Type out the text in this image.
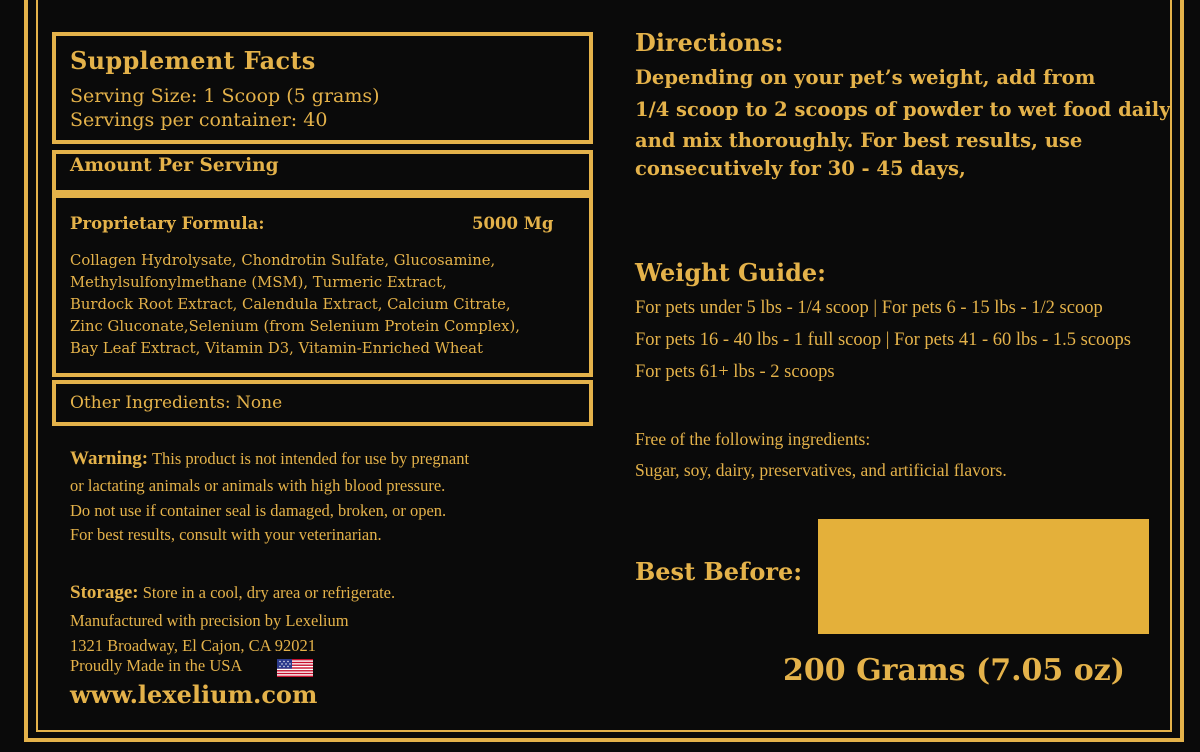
Supplement Facts
Serving Size: 1 Scoop (5 grams)
Servings per container: 40
Amount Per Serving
Proprietary Formula:	5000 Mg
Collagen Hydrolysate, Chondrotin Sulfate, Glucosamine,
Methylsulfonylmethane (MSM), Turmeric Extract,
Burdock Root Extract, Calendula Extract, Calcium Citrate,
Zinc Gluconate,Selenium (from Selenium Protein Complex),
Bay Leaf Extract, Vitamin D3, Vitamin-Enriched Wheat
Other Ingredients: None
Warning: This product is not intended for use by pregnant
or lactating animals or animals with high blood pressure.
Do not use if container seal is damaged, broken, or open.
For best results, consult with your veterinarian.
Storage: Store in a cool, dry area or refrigerate.
Manufactured with precision by Lexelium
1321 Broadway, El Cajon, CA 92021
Proudly Made in the USA
www.lexelium.com
Directions:
Depending on your pet’s weight, add from
1/4 scoop to 2 scoops of powder to wet food daily
and mix thoroughly. For best results, use
consecutively for 30 - 45 days,
Weight Guide:
For pets under 5 lbs - 1/4 scoop | For pets 6 - 15 lbs - 1/2 scoop
For pets 16 - 40 lbs - 1 full scoop | For pets 41 - 60 lbs - 1.5 scoops
For pets 61+ lbs - 2 scoops
Free of the following ingredients:
Sugar, soy, dairy, preservatives, and artificial flavors.
Best Before:
200 Grams (7.05 oz)
